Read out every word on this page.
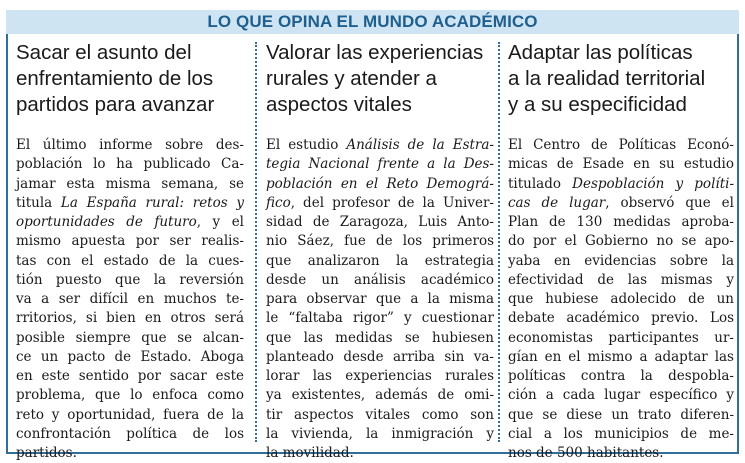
LO QUE OPINA EL MUNDO ACADÉMICO
Sacar el asunto del
enfrentamiento de los
partidos para avanzar
El último informe sobre des-
población lo ha publicado Ca-
jamar esta misma semana, se
titula La España rural: retos y
oportunidades de futuro, y el
mismo apuesta por ser realis-
tas con el estado de la cues-
tión puesto que la reversión
va a ser difícil en muchos te-
rritorios, si bien en otros será
posible siempre que se alcan-
ce un pacto de Estado. Aboga
en este sentido por sacar este
problema, que lo enfoca como
reto y oportunidad, fuera de la
confrontación política de los
partidos.
Valorar las experiencias
rurales y atender a
aspectos vitales
El estudio Análisis de la Estra-
tegia Nacional frente a la Des-
población en el Reto Demográ-
fico, del profesor de la Univer-
sidad de Zaragoza, Luis Anto-
nio Sáez, fue de los primeros
que analizaron la estrategia
desde un análisis académico
para observar que a la misma
le “faltaba rigor” y cuestionar
que las medidas se hubiesen
planteado desde arriba sin va-
lorar las experiencias rurales
ya existentes, además de omi-
tir aspectos vitales como son
la vivienda, la inmigración y
la movilidad.
Adaptar las políticas
a la realidad territorial
y a su especificidad
El Centro de Políticas Econó-
micas de Esade en su estudio
titulado Despoblación y políti-
cas de lugar, observó que el
Plan de 130 medidas aproba-
do por el Gobierno no se apo-
yaba en evidencias sobre la
efectividad de las mismas y
que hubiese adolecido de un
debate académico previo. Los
economistas participantes ur-
gían en el mismo a adaptar las
políticas contra la despobla-
ción a cada lugar específico y
que se diese un trato diferen-
cial a los municipios de me-
nos de 500 habitantes.
